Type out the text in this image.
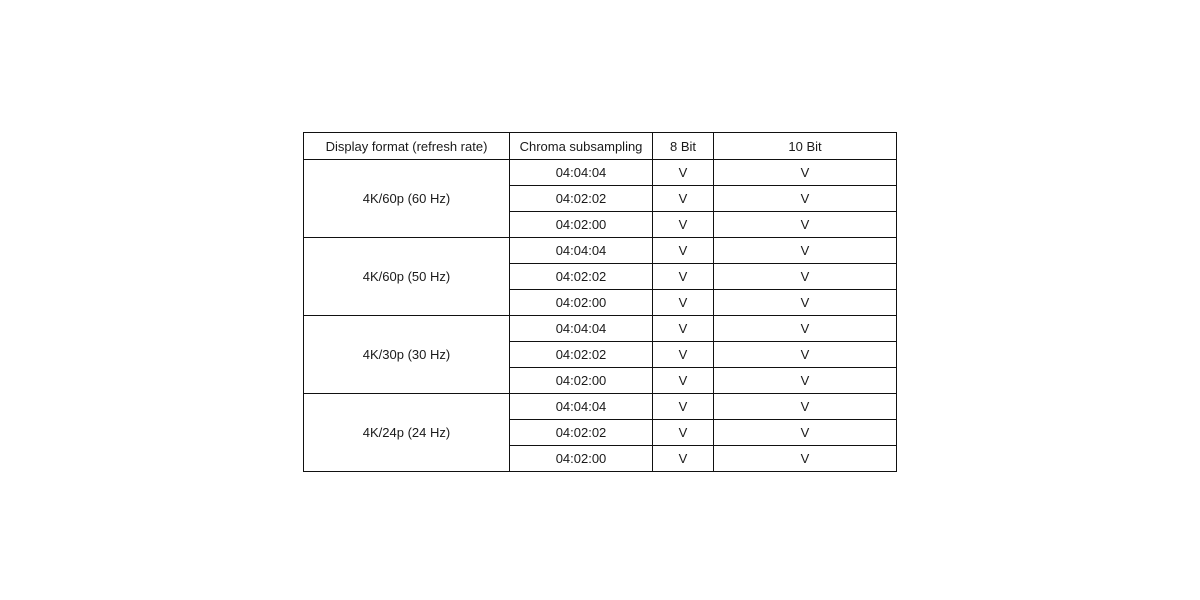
Display format (refresh rate)	Chroma subsampling	8 Bit	10 Bit
4K/60p (60 Hz)	04:04:04	V	V
	04:02:02	V	V
	04:02:00	V	V
4K/60p (50 Hz)	04:04:04	V	V
	04:02:02	V	V
	04:02:00	V	V
4K/30p (30 Hz)	04:04:04	V	V
	04:02:02	V	V
	04:02:00	V	V
4K/24p (24 Hz)	04:04:04	V	V
	04:02:02	V	V
	04:02:00	V	V
